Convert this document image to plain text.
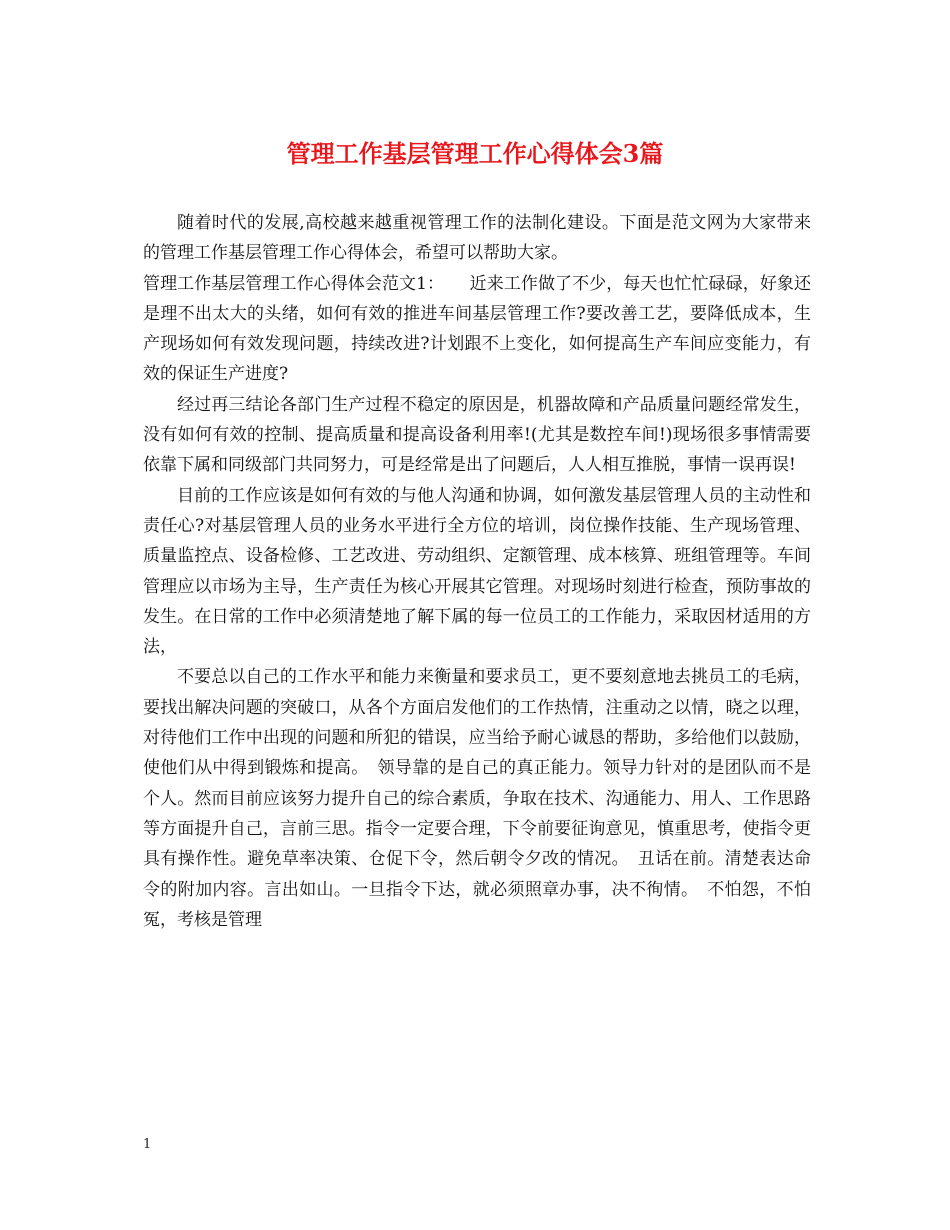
管理工作基层管理工作心得体会3篇

随着时代的发展,高校越来越重视管理工作的法制化建设。下面是范文网为大家带来的管理工作基层管理工作心得体会，希望可以帮助大家。

管理工作基层管理工作心得体会范文1：　　近来工作做了不少，每天也忙忙碌碌，好象还是理不出太大的头绪，如何有效的推进车间基层管理工作?要改善工艺，要降低成本，生产现场如何有效发现问题，持续改进?计划跟不上变化，如何提高生产车间应变能力，有效的保证生产进度?

经过再三结论各部门生产过程不稳定的原因是，机器故障和产品质量问题经常发生，没有如何有效的控制、提高质量和提高设备利用率!(尤其是数控车间!)现场很多事情需要依靠下属和同级部门共同努力，可是经常是出了问题后，人人相互推脱，事情一误再误!

目前的工作应该是如何有效的与他人沟通和协调，如何激发基层管理人员的主动性和责任心?对基层管理人员的业务水平进行全方位的培训，岗位操作技能、生产现场管理、质量监控点、设备检修、工艺改进、劳动组织、定额管理、成本核算、班组管理等。车间管理应以市场为主导，生产责任为核心开展其它管理。对现场时刻进行检查，预防事故的发生。在日常的工作中必须清楚地了解下属的每一位员工的工作能力，采取因材适用的方法，

不要总以自己的工作水平和能力来衡量和要求员工，更不要刻意地去挑员工的毛病，要找出解决问题的突破口，从各个方面启发他们的工作热情，注重动之以情，晓之以理，对待他们工作中出现的问题和所犯的错误，应当给予耐心诚恳的帮助，多给他们以鼓励，使他们从中得到锻炼和提高。　领导靠的是自己的真正能力。领导力针对的是团队而不是个人。然而目前应该努力提升自己的综合素质，争取在技术、沟通能力、用人、工作思路等方面提升自己，言前三思。指令一定要合理，下令前要征询意见，慎重思考，使指令更具有操作性。避免草率决策、仓促下令，然后朝令夕改的情况。　丑话在前。清楚表达命令的附加内容。言出如山。一旦指令下达，就必须照章办事，决不徇情。　不怕怨，不怕冤，考核是管理

1
